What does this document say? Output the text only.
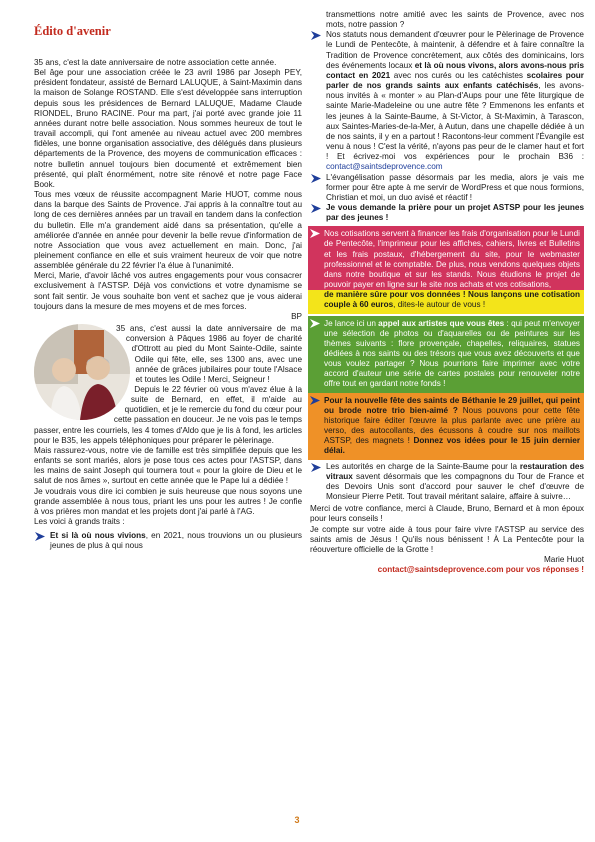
Édito d'avenir

35 ans, c'est la date anniversaire de notre association cette année.

Bel âge pour une association créée le 23 avril 1986 par Joseph PEY, président fondateur, assisté de Bernard LALUQUE, à Saint-Maximin dans la maison de Solange ROSTAND. Elle s'est développée sans interruption depuis sous les présidences de Bernard LALUQUE, Madame Claude RIONDEL, Bruno RACINE. Pour ma part, j'ai porté avec grande joie 11 années durant notre belle association. Nous sommes heureux de tout le travail accompli, qui l'ont amenée au niveau actuel avec 200 membres fidèles, une bonne organisation associative, des délégués dans plusieurs départements de la Provence, des moyens de communication efficaces : notre bulletin annuel toujours bien documenté et extrêmement bien présenté, qui plaît énormément, notre site rénové et notre page Face Book.

Tous mes vœux de réussite accompagnent Marie HUOT, comme nous dans la barque des Saints de Provence. J'ai appris à la connaître tout au long de ces dernières années par un travail en tandem dans la confection du bulletin. Elle m'a grandement aidé dans sa présentation, qu'elle a améliorée d'année en année pour devenir la belle revue d'information de notre Association que vous avez actuellement en main. Donc, j'ai pleinement confiance en elle et suis vraiment heureux de voir que notre assemblée générale du 22 février l'a élue à l'unanimité.

Merci, Marie, d'avoir lâché vos autres engagements pour vous consacrer exclusivement à l'ASTSP. Déjà vos convictions et votre dynamisme se sont fait sentir. Je vous souhaite bon vent et sachez que je vous aiderai toujours dans la mesure de mes moyens et de mes forces.

BP

35 ans, c'est aussi la date anniversaire de ma conversion à Pâques 1986 au foyer de charité d'Ottrott au pied du Mont Sainte-Odile, sainte Odile qui fête, elle, ses 1300 ans, avec une année de grâces jubilaires pour toute l'Alsace et toutes les Odile ! Merci, Seigneur !

Depuis le 22 février où vous m'avez élue à la suite de Bernard, en effet, il m'aide au quotidien, et je le remercie du fond du cœur pour cette passation en douceur. Je ne vois pas le temps passer, entre les courriels, les 4 tomes d'Aldo que je lis à fond, les articles pour le B35, les appels téléphoniques pour préparer le pèlerinage.

Mais rassurez-vous, notre vie de famille est très simplifiée depuis que les enfants se sont mariés, alors je pose tous ces actes pour l'ASTSP, dans les mains de saint Joseph qui tournera tout « pour la gloire de Dieu et le salut de nos âmes », surtout en cette année que le Pape lui a dédiée !

Je voudrais vous dire ici combien je suis heureuse que nous soyons une grande assemblée à nous tous, priant les uns pour les autres ! Je confie à vos prières mon mandat et les projets dont j'ai parlé à l'AG.

Les voici à grands traits :

Et si là où nous vivions, en 2021, nous trouvions un ou plusieurs jeunes de plus à qui nous

transmettions notre amitié avec les saints de Provence, avec nos mots, notre passion ?

Nos statuts nous demandent d'œuvrer pour le Pèlerinage de Provence le Lundi de Pentecôte, à maintenir, à défendre et à faire connaître la Tradition de Provence concrètement, aux côtés des dominicains, lors des événements locaux et là où nous vivons, alors avons-nous pris contact en 2021 avec nos curés ou les catéchistes scolaires pour parler de nos grands saints aux enfants catéchisés, les avons-nous invités à « monter » au Plan-d'Aups pour une fête liturgique de sainte Marie-Madeleine ou une autre fête ? Emmenons les enfants et les jeunes à la Sainte-Baume, à St-Victor, à St-Maximin, à Tarascon, aux Saintes-Maries-de-la-Mer, à Autun, dans une chapelle dédiée à un de nos saints, il y en a partout ! Racontons-leur comment l'Évangile est venu à nous ! C'est la vérité, n'ayons pas peur de le clamer haut et fort ! Et écrivez-moi vos expériences pour le prochain B36 : contact@saintsdeprovence.com
L'évangélisation passe désormais par les media, alors je vais me former pour être apte à me servir de WordPress et que nous formions, Christian et moi, un duo avisé et réactif !
Je vous demande la prière pour un projet ASTSP pour les jeunes par des jeunes !
Nos cotisations servent à financer les frais d'organisation pour le Lundi de Pentecôte, l'imprimeur pour les affiches, cahiers, livres et Bulletins et les frais postaux, d'hébergement du site, pour le webmaster professionnel et le comptable. De plus, nous vendons quelques objets dans notre boutique et sur les stands. Nous étudions le projet de pouvoir payer en ligne sur le site nos achats et vos cotisations,
de manière sûre pour vos données ! Nous lançons une cotisation couple à 60 euros, dites-le autour de vous !
Je lance ici un appel aux artistes que vous êtes : qui peut m'envoyer une sélection de photos ou d'aquarelles ou de peintures sur les thèmes suivants : flore provençale, chapelles, reliquaires, statues dédiées à nos saints ou des trésors que vous avez découverts et que vous voulez partager ? Nous pourrions faire imprimer avec votre accord d'auteur une série de cartes postales pour renouveler notre offre tout en gardant notre fonds !
Pour la nouvelle fête des saints de Béthanie le 29 juillet, qui peint ou brode notre trio bien-aimé ? Nous pouvons pour cette fête historique faire éditer l'œuvre la plus parlante avec une prière au verso, des autocollants, des écussons à coudre sur nos maillots ASTSP, des magnets ! Donnez vos idées pour le 15 juin dernier délai.
Les autorités en charge de la Sainte-Baume pour la restauration des vitraux savent désormais que les compagnons du Tour de France et des Devoirs Unis sont d'accord pour sauver le chef d'œuvre de Monsieur Pierre Petit. Tout travail méritant salaire, affaire à suivre…

Merci de votre confiance, merci à Claude, Bruno, Bernard et à mon époux pour leurs conseils !

Je compte sur votre aide à tous pour faire vivre l'ASTSP au service des saints amis de Jésus ! Qu'ils nous bénissent ! À La Pentecôte pour la réouverture officielle de la Grotte !

Marie Huot

contact@saintsdeprovence.com pour vos réponses !

3
